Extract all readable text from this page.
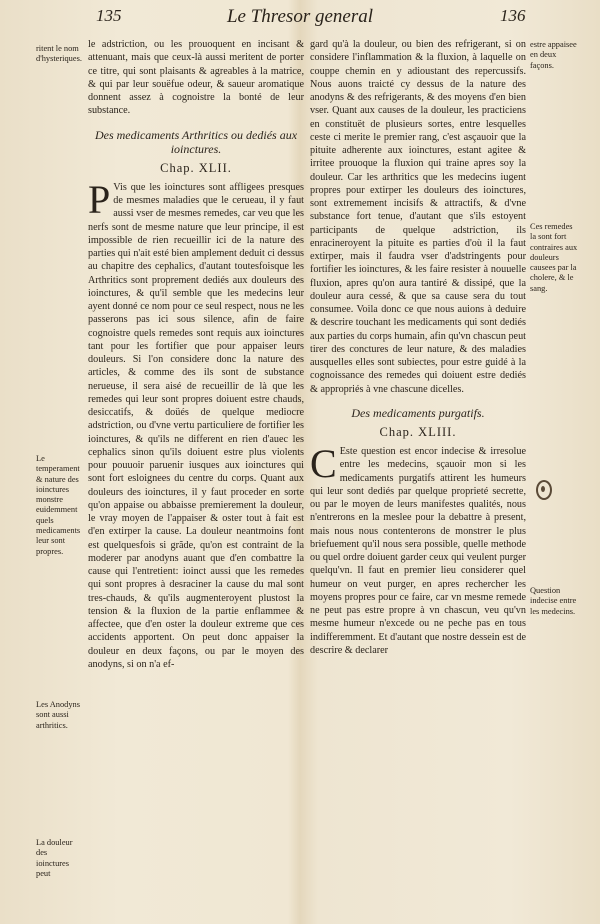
135	Le Thresor general	136

le adstriction, ou les prouoquent en incisant & attenuant, mais que ceux-là aussi meritent de porter ce titre, qui sont plaisants & agreables à la matrice, & qui par leur souëfue odeur, & saueur aromatique donnent assez à cognoistre la bonté de leur substance.

Des medicaments Arthritics ou dediés aux ioinctures.
Chap. XLII.

P Vis que les ioinctures sont affligees presques de mesmes maladies que le cerueau, il y faut aussi vser de mesmes remedes, car veu que les nerfs sont de mesme nature que leur principe, il est impossible de rien recueillir ici de la nature des parties qui n'ait esté bien amplement deduit ci dessus au chapitre des cephalics, d'autant toutesfoisque les Arthritics sont proprement dediés aux douleurs des ioinctures, & qu'il semble que les medecins leur ayent donné ce nom pour ce seul respect, nous ne les passerons pas ici sous silence, afin de faire cognoistre quels remedes sont requis aux ioinctures tant pour les fortifier que pour appaiser leurs douleurs. Si l'on considere donc la nature des articles, & comme des ils sont de substance nerueuse, il sera aisé de recueillir de là que les remedes qui leur sont propres doiuent estre chauds, desiccatifs, & doüés de quelque mediocre adstriction, ou d'vne vertu particuliere de fortifier les ioinctures, & qu'ils ne different en rien d'auec les cephalics sinon qu'ils doiuent estre plus violents pour pouuoir paruenir iusques aux ioinctures qui sont fort esloignees du centre du corps. Quant aux douleurs des ioinctures, il y faut proceder en sorte qu'on appaise ou abbaisse premierement la douleur, le vray moyen de l'appaiser & oster tout à fait est d'en extirper la cause. La douleur neantmoins font est quelquesfois si grãde, qu'on est contraint de la moderer par anodyns auant que d'en combattre la cause qui l'entretient: ioinct aussi que les remedes qui sont propres à desraciner la cause du mal sont tres-chauds, & qu'ils augmenteroyent plustost la tension & la fluxion de la partie enflammee & affectee, que d'en oster la douleur extreme que ces accidents apportent. On peut donc appaiser la douleur en deux façons, ou par le moyen des anodyns, si on n'a ef-

gard qu'à la douleur, ou bien des refrigerant, si on considere l'inflammation & la fluxion, à laquelle on couppe chemin en y adioustant des repercussifs. Nous auons traicté cy dessus de la nature des anodyns & des refrigerants, & des moyens d'en bien vser. Quant aux causes de la douleur, les practiciens en constituët de plusieurs sortes, entre lesquelles ceste ci merite le premier rang, c'est asçauoir que la pituite adherente aux ioinctures, estant agitee & irritee prouoque la fluxion qui traine apres soy la douleur. Car les arthritics que les medecins iugent propres pour extirper les douleurs des ioinctures, sont extremement incisifs & attractifs, & d'vne substance fort tenue, d'autant que s'ils estoyent participants de quelque adstriction, ils enracineroyent la pituite es parties d'où il la faut extirper, mais il faudra vser d'adstringents pour fortifier les ioinctures, & les faire resister à nouuelle fluxion, apres qu'on aura tantiré & dissipé, que la douleur aura cessé, & que sa cause sera du tout consumee. Voila donc ce que nous auions à deduire & descrire touchant les medicaments qui sont dediés aux parties du corps humain, afin qu'vn chascun peut tirer des conctures de leur nature, & des maladies ausquelles elles sont subiectes, pour estre guidé à la cognoissance des remedes qui doiuent estre dediés & appropriés à vne chascune dicelles.

Des medicaments purgatifs.
Chap. XLIII.

C Este question est encor indecise & irresolue entre les medecins, sçauoir mon si les medicaments purgatifs attirent les humeurs qui leur sont dediés par quelque proprieté secrette, ou par le moyen de leurs manifestes qualités, nous n'entrerons en la meslee pour la debattre à present, mais nous nous contenterons de monstrer le plus briefuement qu'il nous sera possible, quelle methode ou quel ordre doiuent garder ceux qui veulent purger quelqu'vn. Il faut en premier lieu considerer quel humeur on veut purger, en apres rechercher les moyens propres pour ce faire, car vn mesme remede ne peut pas estre propre à vn chascun, veu qu'vn mesme humeur n'excede ou ne peche pas en tous indifferemment. Et d'autant que nostre dessein est de descrire & declarer

ritent le nom d'hysteriques.
Le temperament & nature des ioinctures monstre euidemment quels medicaments leur sont propres.
Les Anodyns sont aussi arthritics.
La douleur des ioinctures peut
estre appaisee en deux façons.
Ces remedes la sont fort contraires aux douleurs causees par la cholere, & le sang.
Question indecise entre les medecins.
